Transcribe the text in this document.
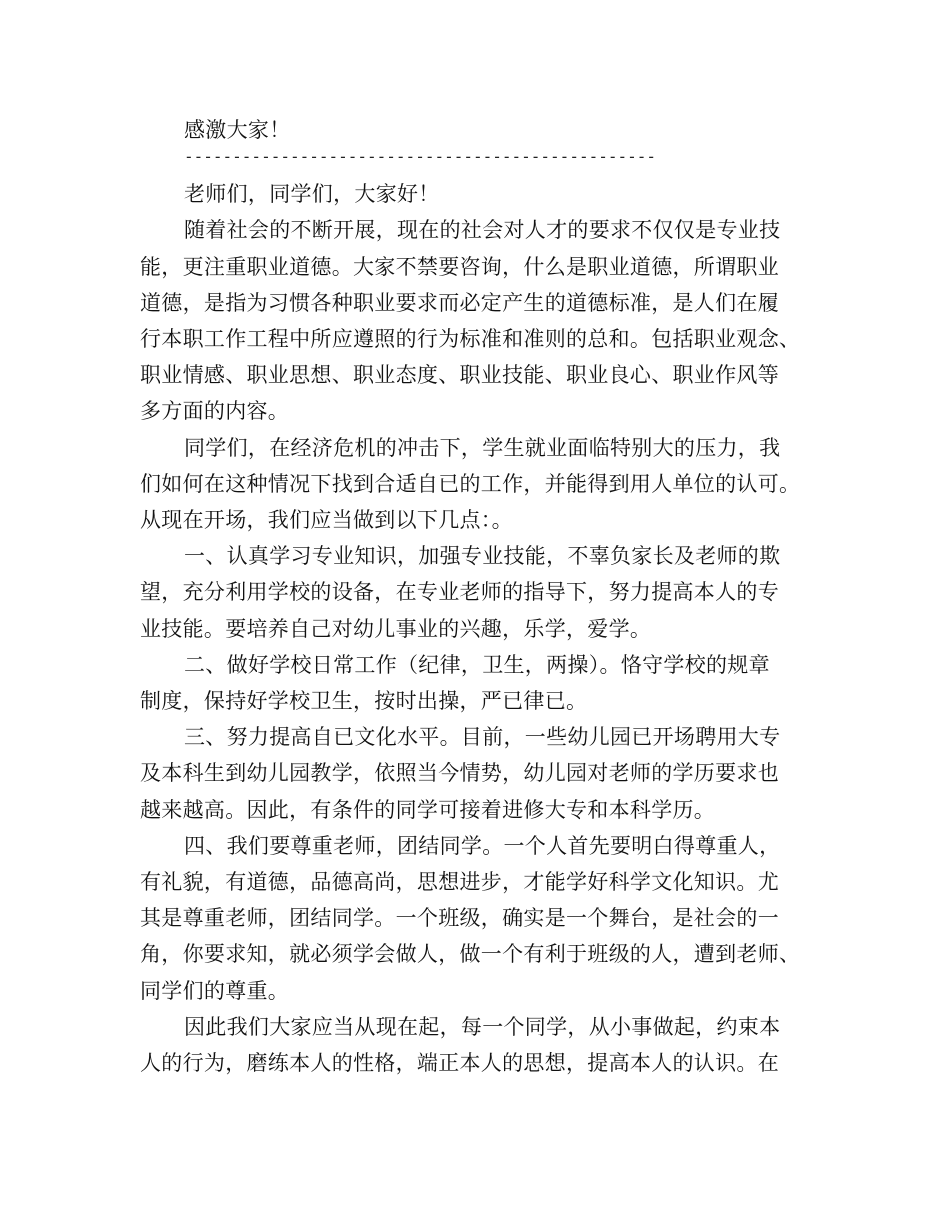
感激大家！
-------------------------------------------------
老师们，同学们，大家好！
随着社会的不断开展，现在的社会对人才的要求不仅仅是专业技
能，更注重职业道德。大家不禁要咨询，什么是职业道德，所谓职业
道德，是指为习惯各种职业要求而必定产生的道德标准，是人们在履
行本职工作工程中所应遵照的行为标准和准则的总和。包括职业观念、
职业情感、职业思想、职业态度、职业技能、职业良心、职业作风等
多方面的内容。
同学们，在经济危机的冲击下，学生就业面临特别大的压力，我
们如何在这种情况下找到合适自已的工作，并能得到用人单位的认可。
从现在开场，我们应当做到以下几点：。
一、认真学习专业知识，加强专业技能，不辜负家长及老师的欺
望，充分利用学校的设备，在专业老师的指导下，努力提高本人的专
业技能。要培养自己对幼儿事业的兴趣，乐学，爱学。
二、做好学校日常工作（纪律，卫生，两操）。恪守学校的规章
制度，保持好学校卫生，按时出操，严已律已。
三、努力提高自已文化水平。目前，一些幼儿园已开场聘用大专
及本科生到幼儿园教学，依照当今情势，幼儿园对老师的学历要求也
越来越高。因此，有条件的同学可接着进修大专和本科学历。
四、我们要尊重老师，团结同学。一个人首先要明白得尊重人，
有礼貌，有道德，品德高尚，思想进步，才能学好科学文化知识。尤
其是尊重老师，团结同学。一个班级，确实是一个舞台，是社会的一
角，你要求知，就必须学会做人，做一个有利于班级的人，遭到老师、
同学们的尊重。
因此我们大家应当从现在起，每一个同学，从小事做起，约束本
人的行为，磨练本人的性格，端正本人的思想，提高本人的认识。在
